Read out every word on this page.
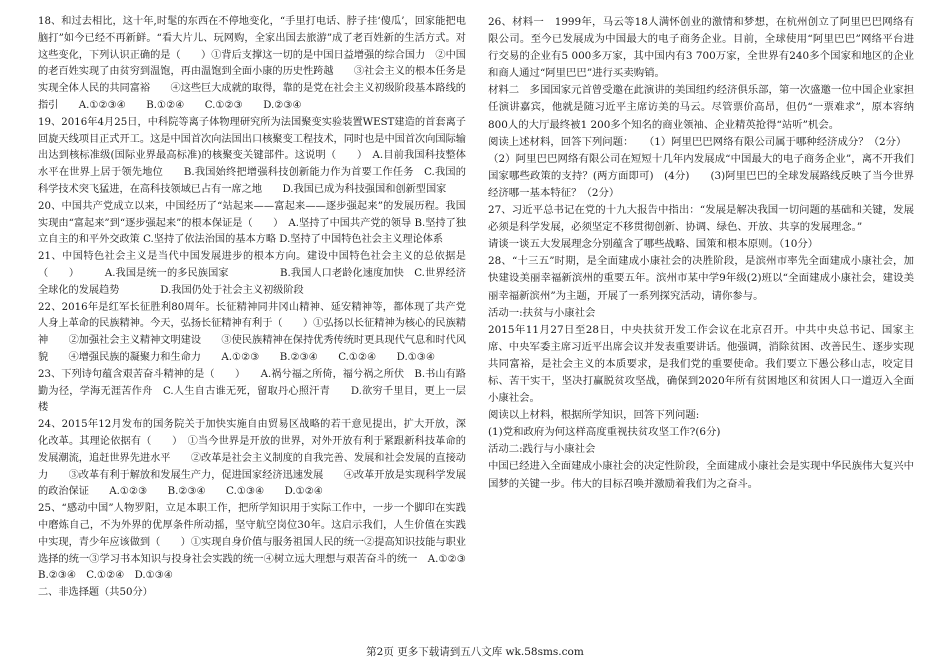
18、和过去相比，这十年,时髦的东西在不停地变化，“手里打电话、脖子挂‘傻瓜’，回家能把电脑打”如今已经不再新鲜。“看大片儿、玩网购，全家出国去旅游”成了老百姓新的生活方式。对这些变化，下列认识正确的是（　　）①背后支撑这一切的是中国日益增强的综合国力　②中国的老百姓实现了由贫穷到温饱，再由温饱到全面小康的历史性跨越　　③社会主义的根本任务是实现全体人民的共同富裕　　④这些巨大成就的取得，靠的是党在社会主义初级阶段基本路线的指引　　A.①②③④　　B.①②④　　C.①②③　　D.②③④

19、2016年4月25日，中科院等离子体物理研究所为法国聚变实验装置WEST建造的首套离子回旋天线项目正式开工。这是中国首次向法国出口核聚变工程技术，同时也是中国首次向国际输出达到核标准级(国际业界最高标准)的核聚变关键部件。这说明（　　）　A.目前我国科技整体水平在世界上居于领先地位　　B.我国始终把增强科技创新能力作为首要工作任务　C.我国的科学技术突飞猛进，在高科技领域已占有一席之地　　D.我国已成为科技强国和创新型国家

20、中国共产党成立以来，中国经历了“站起来——富起来——逐步强起来”的发展历程。我国实现由“富起来”到“逐步强起来”的根本保证是（　　）　A.坚持了中国共产党的领导 B.坚持了独立自主的和平外交政策 C.坚持了依法治国的基本方略 D.坚持了中国特色社会主义理论体系

21、中国特色社会主义是当代中国发展进步的根本方向。建设中国特色社会主义的总依据是（　　）　　　A.我国是统一的多民族国家　　　　　B.我国人口老龄化速度加快　C.世界经济全球化的发展趋势　　　　D.我国仍处于社会主义初级阶段

22、2016年是红军长征胜利80周年。长征精神同井冈山精神、延安精神等，都体现了共产党人身上革命的民族精神。今天，弘扬长征精神有利于（　　）①弘扬以长征精神为核心的民族精神　　②加强社会主义精神文明建设　　③使民族精神在保持优秀传统时更具现代气息和时代风貌　　④增强民族的凝聚力和生命力　　A.①②③　　B.②③④　　C.①②④　　D.①③④

23、下列诗句蕴含艰苦奋斗精神的是（　　）　　A.祸兮福之所倚，福兮祸之所伏　B.书山有路勤为径，学海无涯苦作舟　C.人生自古谁无死，留取丹心照汗青　　D.欲穷千里目，更上一层楼

24、2015年12月发布的国务院关于加快实施自由贸易区战略的若干意见提出，扩大开放，深化改革。其理论依据有（　　）　①当今世界是开放的世界，对外开放有利于紧跟新科技革命的发展潮流，追赶世界先进水平　　②改革是社会主义制度的自我完善、发展和社会发展的直接动力　　③改革有利于解放和发展生产力，促进国家经济迅速发展　　④改革开放是实现科学发展的政治保证　　A.①②③　　B.②③④　　C.①③④　　D.①②④

25、“感动中国”人物罗阳，立足本职工作，把所学知识用于实际工作中，一步一个脚印在实践中磨炼自己，不为外界的优厚条件所动摇，坚守航空岗位30年。这启示我们，人生价值在实践中实现，青少年应该做到（　　）①实现自身价值与服务祖国人民的统一②提高知识技能与职业选择的统一③学习书本知识与投身社会实践的统一④树立远大理想与艰苦奋斗的统一　A.①②③　B.②③④　C.①②④　D.①③④

二、非选择题（共50分）

26、材料一　1999年，马云等18人满怀创业的激情和梦想，在杭州创立了阿里巴巴网络有限公司。至今已发展成为中国最大的电子商务企业。目前，全球使用“阿里巴巴”网络平台进行交易的企业有5 000多万家，其中国内有3 700万家，全世界有240多个国家和地区的企业和商人通过“阿里巴巴”进行买卖购销。

材料二　多国国家元首曾受邀在此演讲的美国纽约经济俱乐部，第一次盛邀一位中国企业家担任演讲嘉宾，他就是随习近平主席访美的马云。尽管票价高昂，但仍“一票难求”，原本容纳800人的大厅最终被1 200多个知名的商业领袖、企业精英抢得“站听”机会。

阅读上述材料，回答下列问题：　　（1）阿里巴巴网络有限公司属于哪种经济成分？（2分）

（2）阿里巴巴网络有限公司在短短十几年内发展成“中国最大的电子商务企业”，离不开我们国家哪些政策的支持？(两方面即可)　(4分)　　(3)阿里巴巴的全球发展路线反映了当今世界经济哪一基本特征？（2分）

27、习近平总书记在党的十九大报告中指出：“发展是解决我国一切问题的基础和关键，发展必须是科学发展，必须坚定不移贯彻创新、协调、绿色、开放、共享的发展理念。”

请谈一谈五大发展理念分别蕴含了哪些战略、国策和根本原则。（10分）

28、“十三五”时期，是全面建成小康社会的决胜阶段，是滨州市率先全面建成小康社会，加快建设美丽幸福新滨州的重要五年。滨州市某中学9年级(2)班以“全面建成小康社会，建设美丽幸福新滨州”为主题，开展了一系列探究活动，请你参与。

活动一:扶贫与小康社会

2015年11月27日至28日，中央扶贫开发工作会议在北京召开。中共中央总书记、国家主席、中央军委主席习近平出席会议并发表重要讲话。他强调，消除贫困、改善民生、逐步实现共同富裕，是社会主义的本质要求，是我们党的重要使命。我们要立下愚公移山志，咬定目标、苦干实干，坚决打赢脱贫攻坚战，确保到2020年所有贫困地区和贫困人口一道迈入全面小康社会。

阅读以上材料，根据所学知识，回答下列问题:

(1)党和政府为何这样高度重视扶贫攻坚工作?(6分)

活动二:践行与小康社会

中国已经进入全面建成小康社会的决定性阶段，全面建成小康社会是实现中华民族伟大复兴中国梦的关键一步。伟大的目标召唤并激励着我们为之奋斗。

第2页 更多下载请到五八文库 wk.58sms.com
